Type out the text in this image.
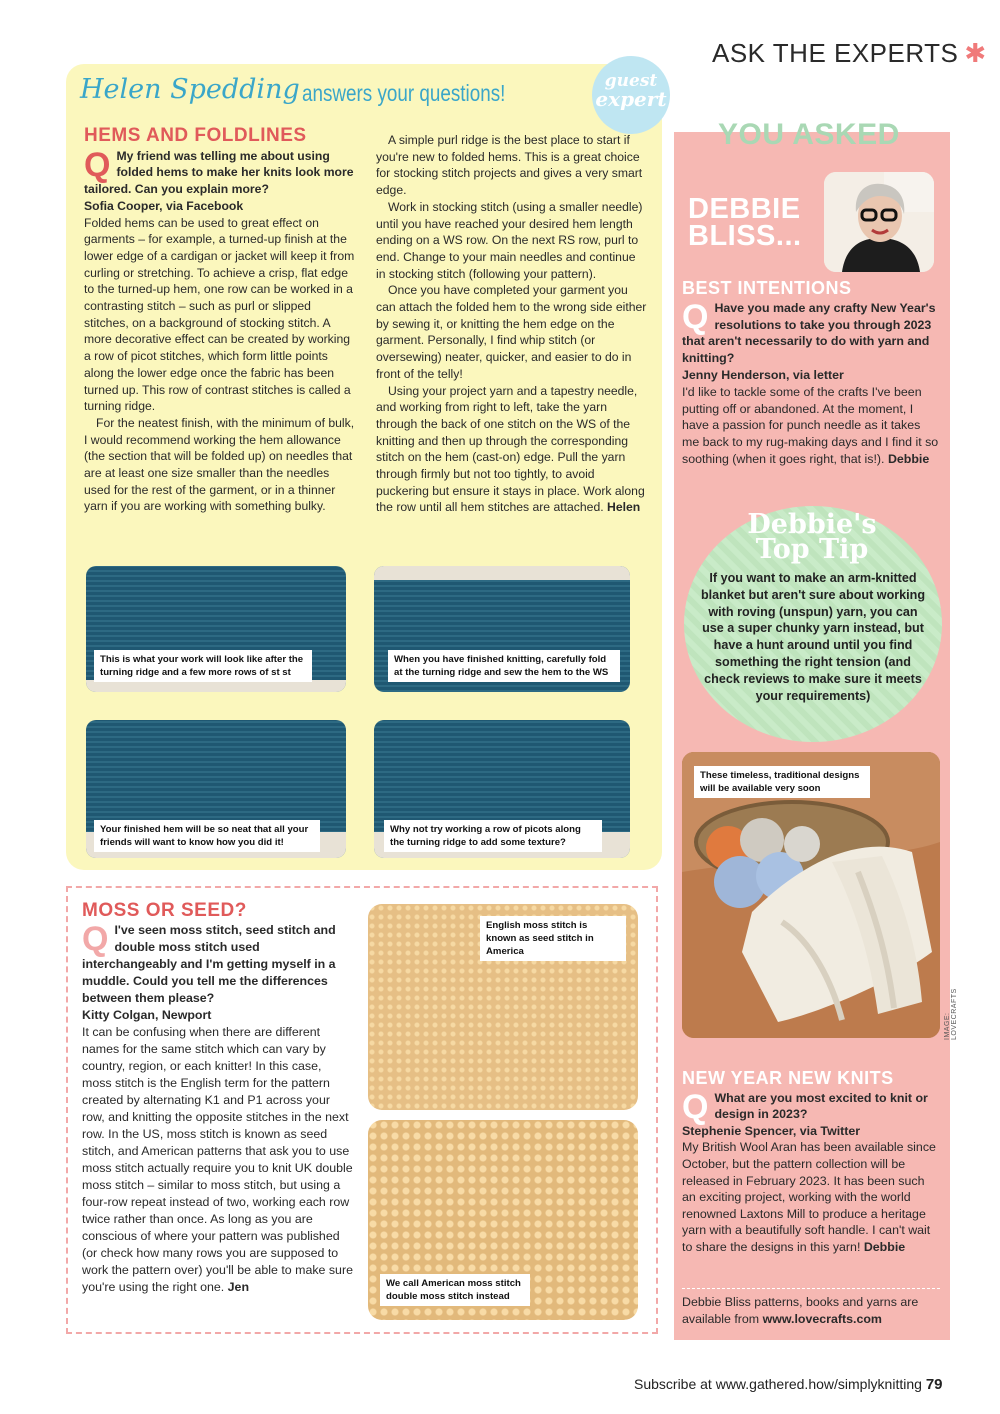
ASK THE EXPERTS ✱
Helen Spedding answers your questions!	guest
expert
HEMS AND FOLDLINES
Q My friend was telling me about using folded hems to make her knits look more tailored. Can you explain more?

Sofia Cooper, via Facebook

Folded hems can be used to great effect on garments – for example, a turned-up finish at the lower edge of a cardigan or jacket will keep it from curling or stretching. To achieve a crisp, flat edge to the turned-up hem, one row can be worked in a contrasting stitch – such as purl or slipped stitches, on a background of stocking stitch. A more decorative effect can be created by working a row of picot stitches, which form little points along the lower edge once the fabric has been turned up. This row of contrast stitches is called a turning ridge.

For the neatest finish, with the minimum of bulk, I would recommend working the hem allowance (the section that will be folded up) on needles that are at least one size smaller than the needles used for the rest of the garment, or in a thinner yarn if you are working with something bulky.

A simple purl ridge is the best place to start if you're new to folded hems. This is a great choice for stocking stitch projects and gives a very smart edge.

Work in stocking stitch (using a smaller needle) until you have reached your desired hem length ending on a WS row. On the next RS row, purl to end. Change to your main needles and continue in stocking stitch (following your pattern).

Once you have completed your garment you can attach the folded hem to the wrong side either by sewing it, or knitting the hem edge on the garment. Personally, I find whip stitch (or oversewing) neater, quicker, and easier to do in front of the telly!

Using your project yarn and a tapestry needle, and working from right to left, take the yarn through the back of one stitch on the WS of the knitting and then up through the corresponding stitch on the hem (cast-on) edge. Pull the yarn through firmly but not too tightly, to avoid puckering but ensure it stays in place. Work along the row until all hem stitches are attached. Helen

This is what your work will look like after the turning ridge and a few more rows of st st
When you have finished knitting, carefully fold at the turning ridge and sew the hem to the WS
Your finished hem will be so neat that all your friends will want to know how you did it!
Why not try working a row of picots along the turning ridge to add some texture?
MOSS OR SEED?
Q I've seen moss stitch, seed stitch and double moss stitch used interchangeably and I'm getting myself in a muddle. Could you tell me the differences between them please?

Kitty Colgan, Newport

It can be confusing when there are different names for the same stitch which can vary by country, region, or each knitter! In this case, moss stitch is the English term for the pattern created by alternating K1 and P1 across your row, and knitting the opposite stitches in the next row. In the US, moss stitch is known as seed stitch, and American patterns that ask you to use moss stitch actually require you to knit UK double moss stitch – similar to moss stitch, but using a four-row repeat instead of two, working each row twice rather than once. As long as you are conscious of where your pattern was published (or check how many rows you are supposed to work the pattern over) you'll be able to make sure you're using the right one. Jen

English moss stitch is known as seed stitch in America
We call American moss stitch double moss stitch instead
YOU ASKED
DEBBIE
BLISS...
BEST INTENTIONS
Q Have you made any crafty New Year's resolutions to take you through 2023 that aren't necessarily to do with yarn and knitting?

Jenny Henderson, via letter

I'd like to tackle some of the crafts I've been putting off or abandoned. At the moment, I have a passion for punch needle as it takes me back to my rug-making days and I find it so soothing (when it goes right, that is!). Debbie

Debbie's Top Tip
If you want to make an arm-knitted blanket but aren't sure about working with roving (unspun) yarn, you can use a super chunky yarn instead, but have a hunt around until you find something the right tension (and check reviews to make sure it meets your requirements)
These timeless, traditional designs will be available very soon
IMAGE: LOVECRAFTS
NEW YEAR NEW KNITS
Q What are you most excited to knit or design in 2023?

Stephenie Spencer, via Twitter

My British Wool Aran has been available since October, but the pattern collection will be released in February 2023. It has been such an exciting project, working with the world renowned Laxtons Mill to produce a heritage yarn with a beautifully soft handle. I can't wait to share the designs in this yarn! Debbie

Debbie Bliss patterns, books and yarns are available from www.lovecrafts.com
Subscribe at www.gathered.how/simplyknitting 79
